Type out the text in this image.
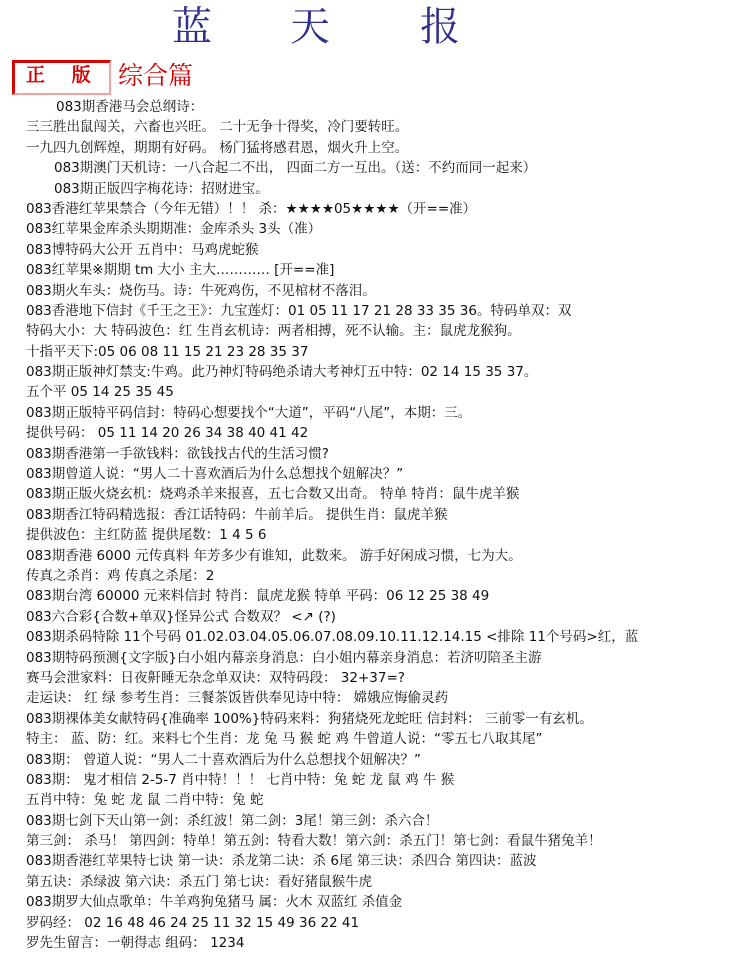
蓝 天 报
正 版 综合篇
083期香港马会总纲诗：
三三胜出鼠闯关，六畜也兴旺。 二十无争十得奖，冷门要转旺。
一九四九创辉煌，期期有好码。 杨门猛将感君恩，烟火升上空。
083期澳门天机诗：一八合起二不出， 四面二方一互出。（送：不约而同一起来）
083期正版四字梅花诗：招财进宝。
083香港红苹果禁合（今年无错）！！ 杀：★★★★05★★★★（开==准）
083红苹果金库杀头期期准：金库杀头 3头（准）
083博特码大公开 五肖中：马鸡虎蛇猴
083红苹果※期期 tm 大小 主大………… [开==准]
083期火车头：烧伤马。诗：牛死鸡伤，不见棺材不落泪。
083香港地下信封《千王之王》：九宝莲灯：01 05 11 17 21 28 33 35 36。特码单双：双
特码大小：大 特码波色：红 生肖玄机诗：两者相搏，死不认输。主：鼠虎龙猴狗。
十指平天下:05 06 08 11 15 21 23 28 35 37
083期正版神灯禁支:牛鸡。此乃神灯特码绝杀请大考神灯五中特：02 14 15 35 37。
五个平 05 14 25 35 45
083期正版特平码信封：特码心想要找个“大道”，平码“八尾”，本期：三。
提供号码： 05 11 14 20 26 34 38 40 41 42
083期香港第一手欲钱料：欲钱找古代的生活习惯?
083期曾道人说：“男人二十喜欢酒后为什么总想找个妞解决？”
083期正版火烧玄机：烧鸡杀羊来报喜，五七合数又出奇。 特单 特肖：鼠牛虎羊猴
083期香江特码精选报：香江话特码：牛前羊后。 提供生肖：鼠虎羊猴
提供波色：主红防蓝 提供尾数：1 4 5 6
083期香港 6000 元传真料 年芳多少有谁知，此数来。 游手好闲成习惯，七为大。
传真之杀肖：鸡 传真之杀尾：2
083期台湾 60000 元来料信封 特肖：鼠虎龙猴 特单 平码：06 12 25 38 49
083六合彩{合数+单双}怪异公式 合数双？ <↗ (?)
083期杀码特除 11个号码 01.02.03.04.05.06.07.08.09.10.11.12.14.15 <排除 11个号码>红，蓝
083期特码预测{文字版}白小姐内幕亲身消息：白小姐内幕亲身消息：若济叨陪圣主游
赛马会泄家料：日夜鼾睡无杂念单双诀：双特码段： 32+37=?
走运诀： 红 绿 参考生肖：三餐茶饭皆供奉见诗中特： 嫦娥应悔偷灵药
083期裸体美女献特码{准确率 100%}特码来料：狗猪烧死龙蛇旺 信封料： 三前零一有玄机。
特主： 蓝、防：红。来料七个生肖：龙 兔 马 猴 蛇 鸡 牛曾道人说：“零五七八取其尾”
083期： 曾道人说：“男人二十喜欢酒后为什么总想找个妞解决？”
083期： 鬼才相信 2-5-7 肖中特！！！ 七肖中特：兔 蛇 龙 鼠 鸡 牛 猴
五肖中特：兔 蛇 龙 鼠 二肖中特：兔 蛇
083期七剑下天山第一剑：杀红波！第二剑：3尾！第三剑：杀六合！
第三剑： 杀马！ 第四剑：特单！第五剑：特看大数！第六剑：杀五门！第七剑：看鼠牛猪兔羊！
083期香港红苹果特七诀 第一诀：杀龙第二诀：杀 6尾 第三诀：杀四合 第四诀：蓝波
第五诀：杀绿波 第六诀：杀五门 第七诀：看好猪鼠猴牛虎
083期罗大仙点歌单：牛羊鸡狗兔猪马 属：火木 双蓝红 杀值金
罗码经： 02 16 48 46 24 25 11 32 15 49 36 22 41
罗先生留言：一朝得志 组码： 1234
